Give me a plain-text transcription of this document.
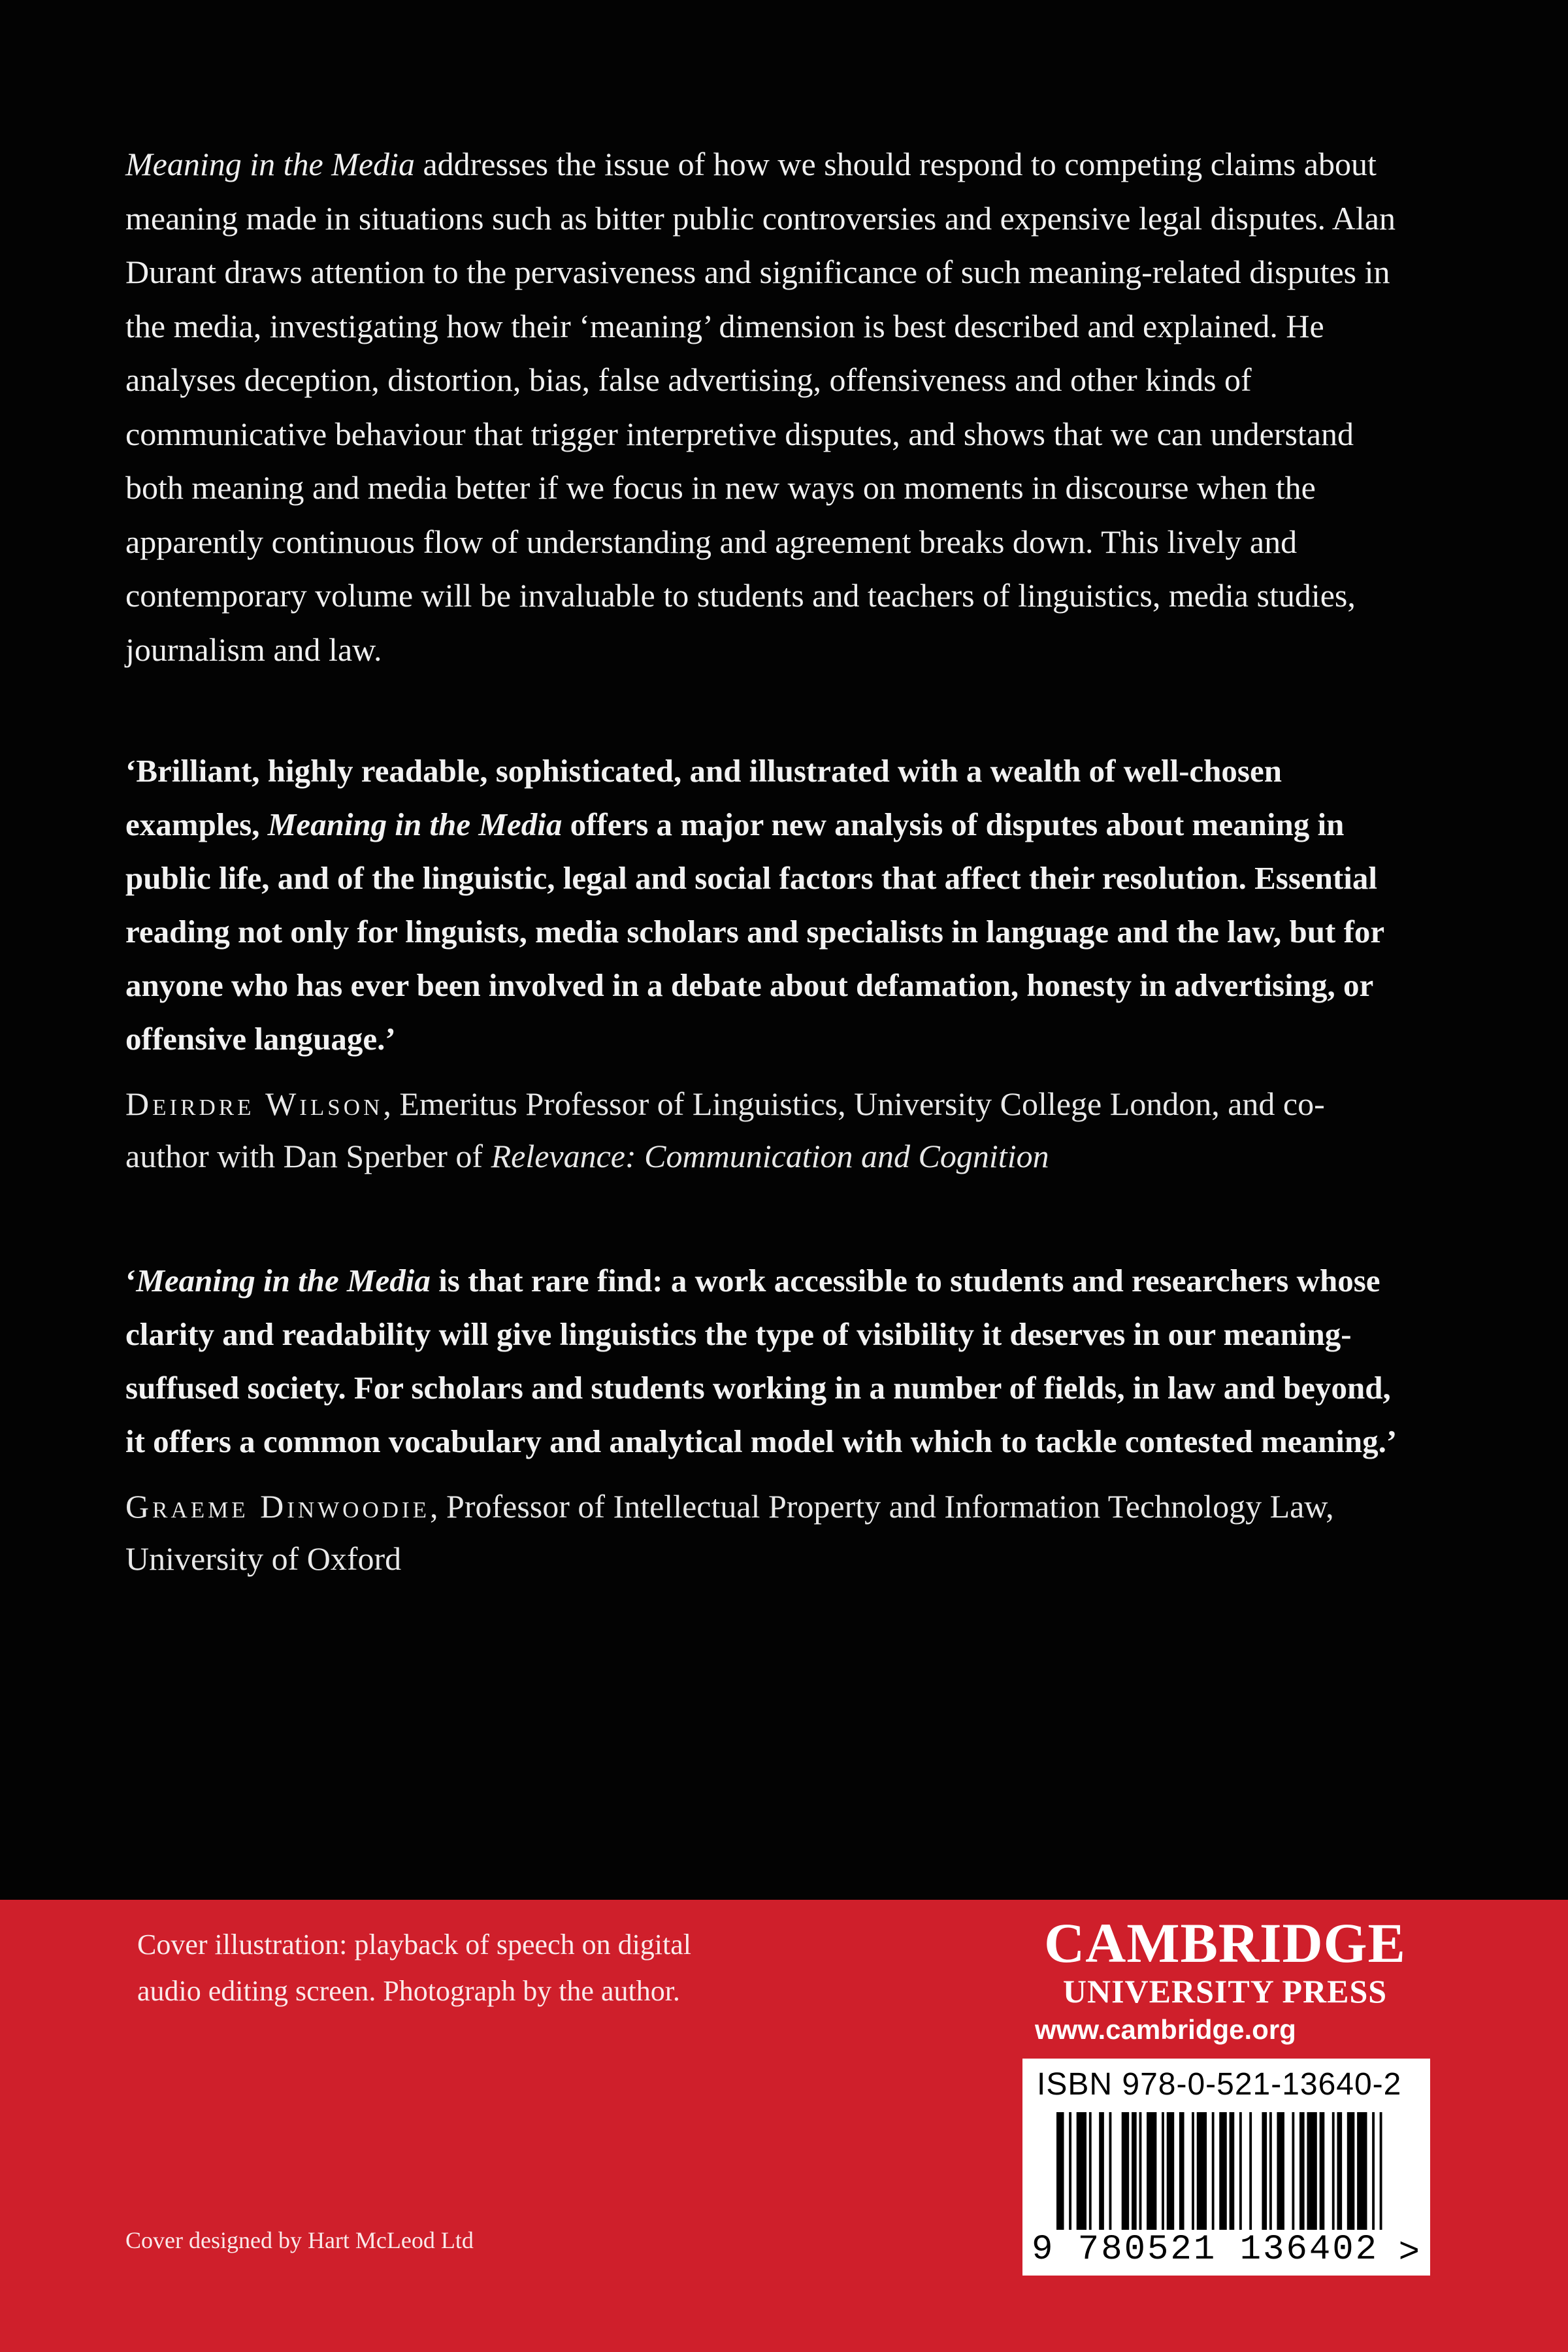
Meaning in the Media addresses the issue of how we should respond to competing claims about meaning made in situations such as bitter public controversies and expensive legal disputes. Alan Durant draws attention to the pervasiveness and significance of such meaning-related disputes in the media, investigating how their ‘meaning’ dimension is best described and explained. He analyses deception, distortion, bias, false advertising, offensiveness and other kinds of communicative behaviour that trigger interpretive disputes, and shows that we can understand both meaning and media better if we focus in new ways on moments in discourse when the apparently continuous flow of understanding and agreement breaks down. This lively and contemporary volume will be invaluable to students and teachers of linguistics, media studies, journalism and law.

‘Brilliant, highly readable, sophisticated, and illustrated with a wealth of well-chosen examples, Meaning in the Media offers a major new analysis of disputes about meaning in public life, and of the linguistic, legal and social factors that affect their resolution. Essential reading not only for linguists, media scholars and specialists in language and the law, but for anyone who has ever been involved in a debate about defamation, honesty in advertising, or offensive language.’

Deirdre Wilson, Emeritus Professor of Linguistics, University College London, and co-author with Dan Sperber of Relevance: Communication and Cognition

‘Meaning in the Media is that rare find: a work accessible to students and researchers whose clarity and readability will give linguistics the type of visibility it deserves in our meaning-suffused society. For scholars and students working in a number of fields, in law and beyond, it offers a common vocabulary and analytical model with which to tackle contested meaning.’

Graeme Dinwoodie, Professor of Intellectual Property and Information Technology Law, University of Oxford

Cover illustration: playback of speech on digital audio editing screen. Photograph by the author.

Cover designed by Hart McLeod Ltd

CAMBRIDGE
UNIVERSITY PRESS

www.cambridge.org

ISBN 978-0-521-13640-2

9 780521 136402 >
